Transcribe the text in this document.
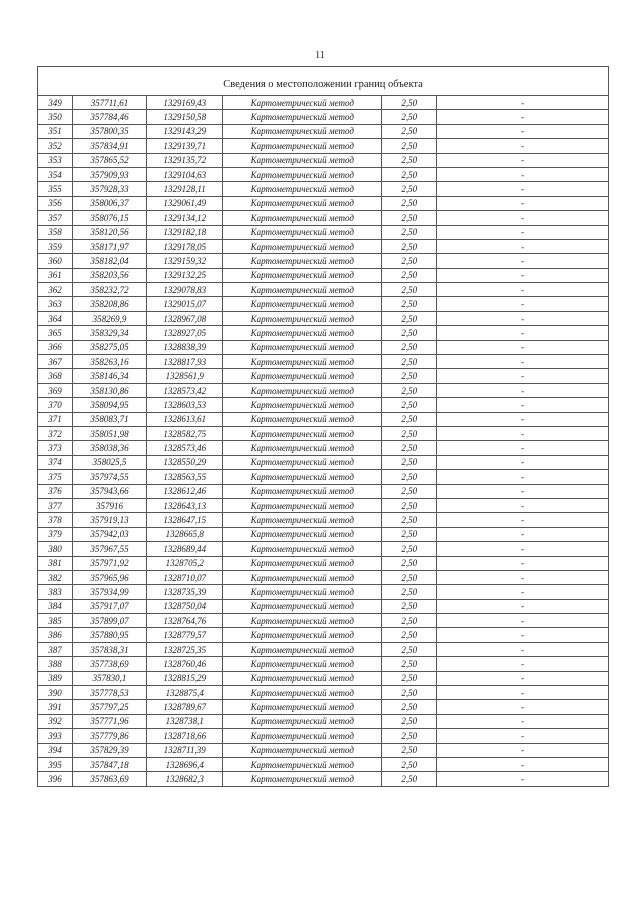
11

Сведения о местоположении границ объекта					
349	357711,61	1329169,43	Картометрический метод	2,50	-
350	357784,46	1329150,58	Картометрический метод	2,50	-
351	357800,35	1329143,29	Картометрический метод	2,50	-
352	357834,91	1329139,71	Картометрический метод	2,50	-
353	357865,52	1329135,72	Картометрический метод	2,50	-
354	357909,93	1329104,63	Картометрический метод	2,50	-
355	357928,33	1329128,11	Картометрический метод	2,50	-
356	358006,37	1329061,49	Картометрический метод	2,50	-
357	358076,15	1329134,12	Картометрический метод	2,50	-
358	358120,56	1329182,18	Картометрический метод	2,50	-
359	358171,97	1329178,05	Картометрический метод	2,50	-
360	358182,04	1329159,32	Картометрический метод	2,50	-
361	358203,56	1329132,25	Картометрический метод	2,50	-
362	358232,72	1329078,83	Картометрический метод	2,50	-
363	358208,86	1329015,07	Картометрический метод	2,50	-
364	358269,9	1328967,08	Картометрический метод	2,50	-
365	358329,34	1328927,05	Картометрический метод	2,50	-
366	358275,05	1328838,39	Картометрический метод	2,50	-
367	358263,16	1328817,93	Картометрический метод	2,50	-
368	358146,34	1328561,9	Картометрический метод	2,50	-
369	358130,86	1328573,42	Картометрический метод	2,50	-
370	358094,95	1328603,53	Картометрический метод	2,50	-
371	358083,71	1328613,61	Картометрический метод	2,50	-
372	358051,98	1328582,75	Картометрический метод	2,50	-
373	358038,36	1328573,46	Картометрический метод	2,50	-
374	358025,5	1328550,29	Картометрический метод	2,50	-
375	357974,55	1328563,55	Картометрический метод	2,50	-
376	357943,66	1328612,46	Картометрический метод	2,50	-
377	357916	1328643,13	Картометрический метод	2,50	-
378	357919,13	1328647,15	Картометрический метод	2,50	-
379	357942,03	1328665,8	Картометрический метод	2,50	-
380	357967,55	1328689,44	Картометрический метод	2,50	-
381	357971,92	1328705,2	Картометрический метод	2,50	-
382	357965,96	1328710,07	Картометрический метод	2,50	-
383	357934,99	1328735,39	Картометрический метод	2,50	-
384	357917,07	1328750,04	Картометрический метод	2,50	-
385	357899,07	1328764,76	Картометрический метод	2,50	-
386	357880,95	1328779,57	Картометрический метод	2,50	-
387	357838,31	1328725,35	Картометрический метод	2,50	-
388	357738,69	1328760,46	Картометрический метод	2,50	-
389	357830,1	1328815,29	Картометрический метод	2,50	-
390	357778,53	1328875,4	Картометрический метод	2,50	-
391	357797,25	1328789,67	Картометрический метод	2,50	-
392	357771,96	1328738,1	Картометрический метод	2,50	-
393	357779,86	1328718,66	Картометрический метод	2,50	-
394	357829,39	1328711,39	Картометрический метод	2,50	-
395	357847,18	1328696,4	Картометрический метод	2,50	-
396	357863,69	1328682,3	Картометрический метод	2,50	-
